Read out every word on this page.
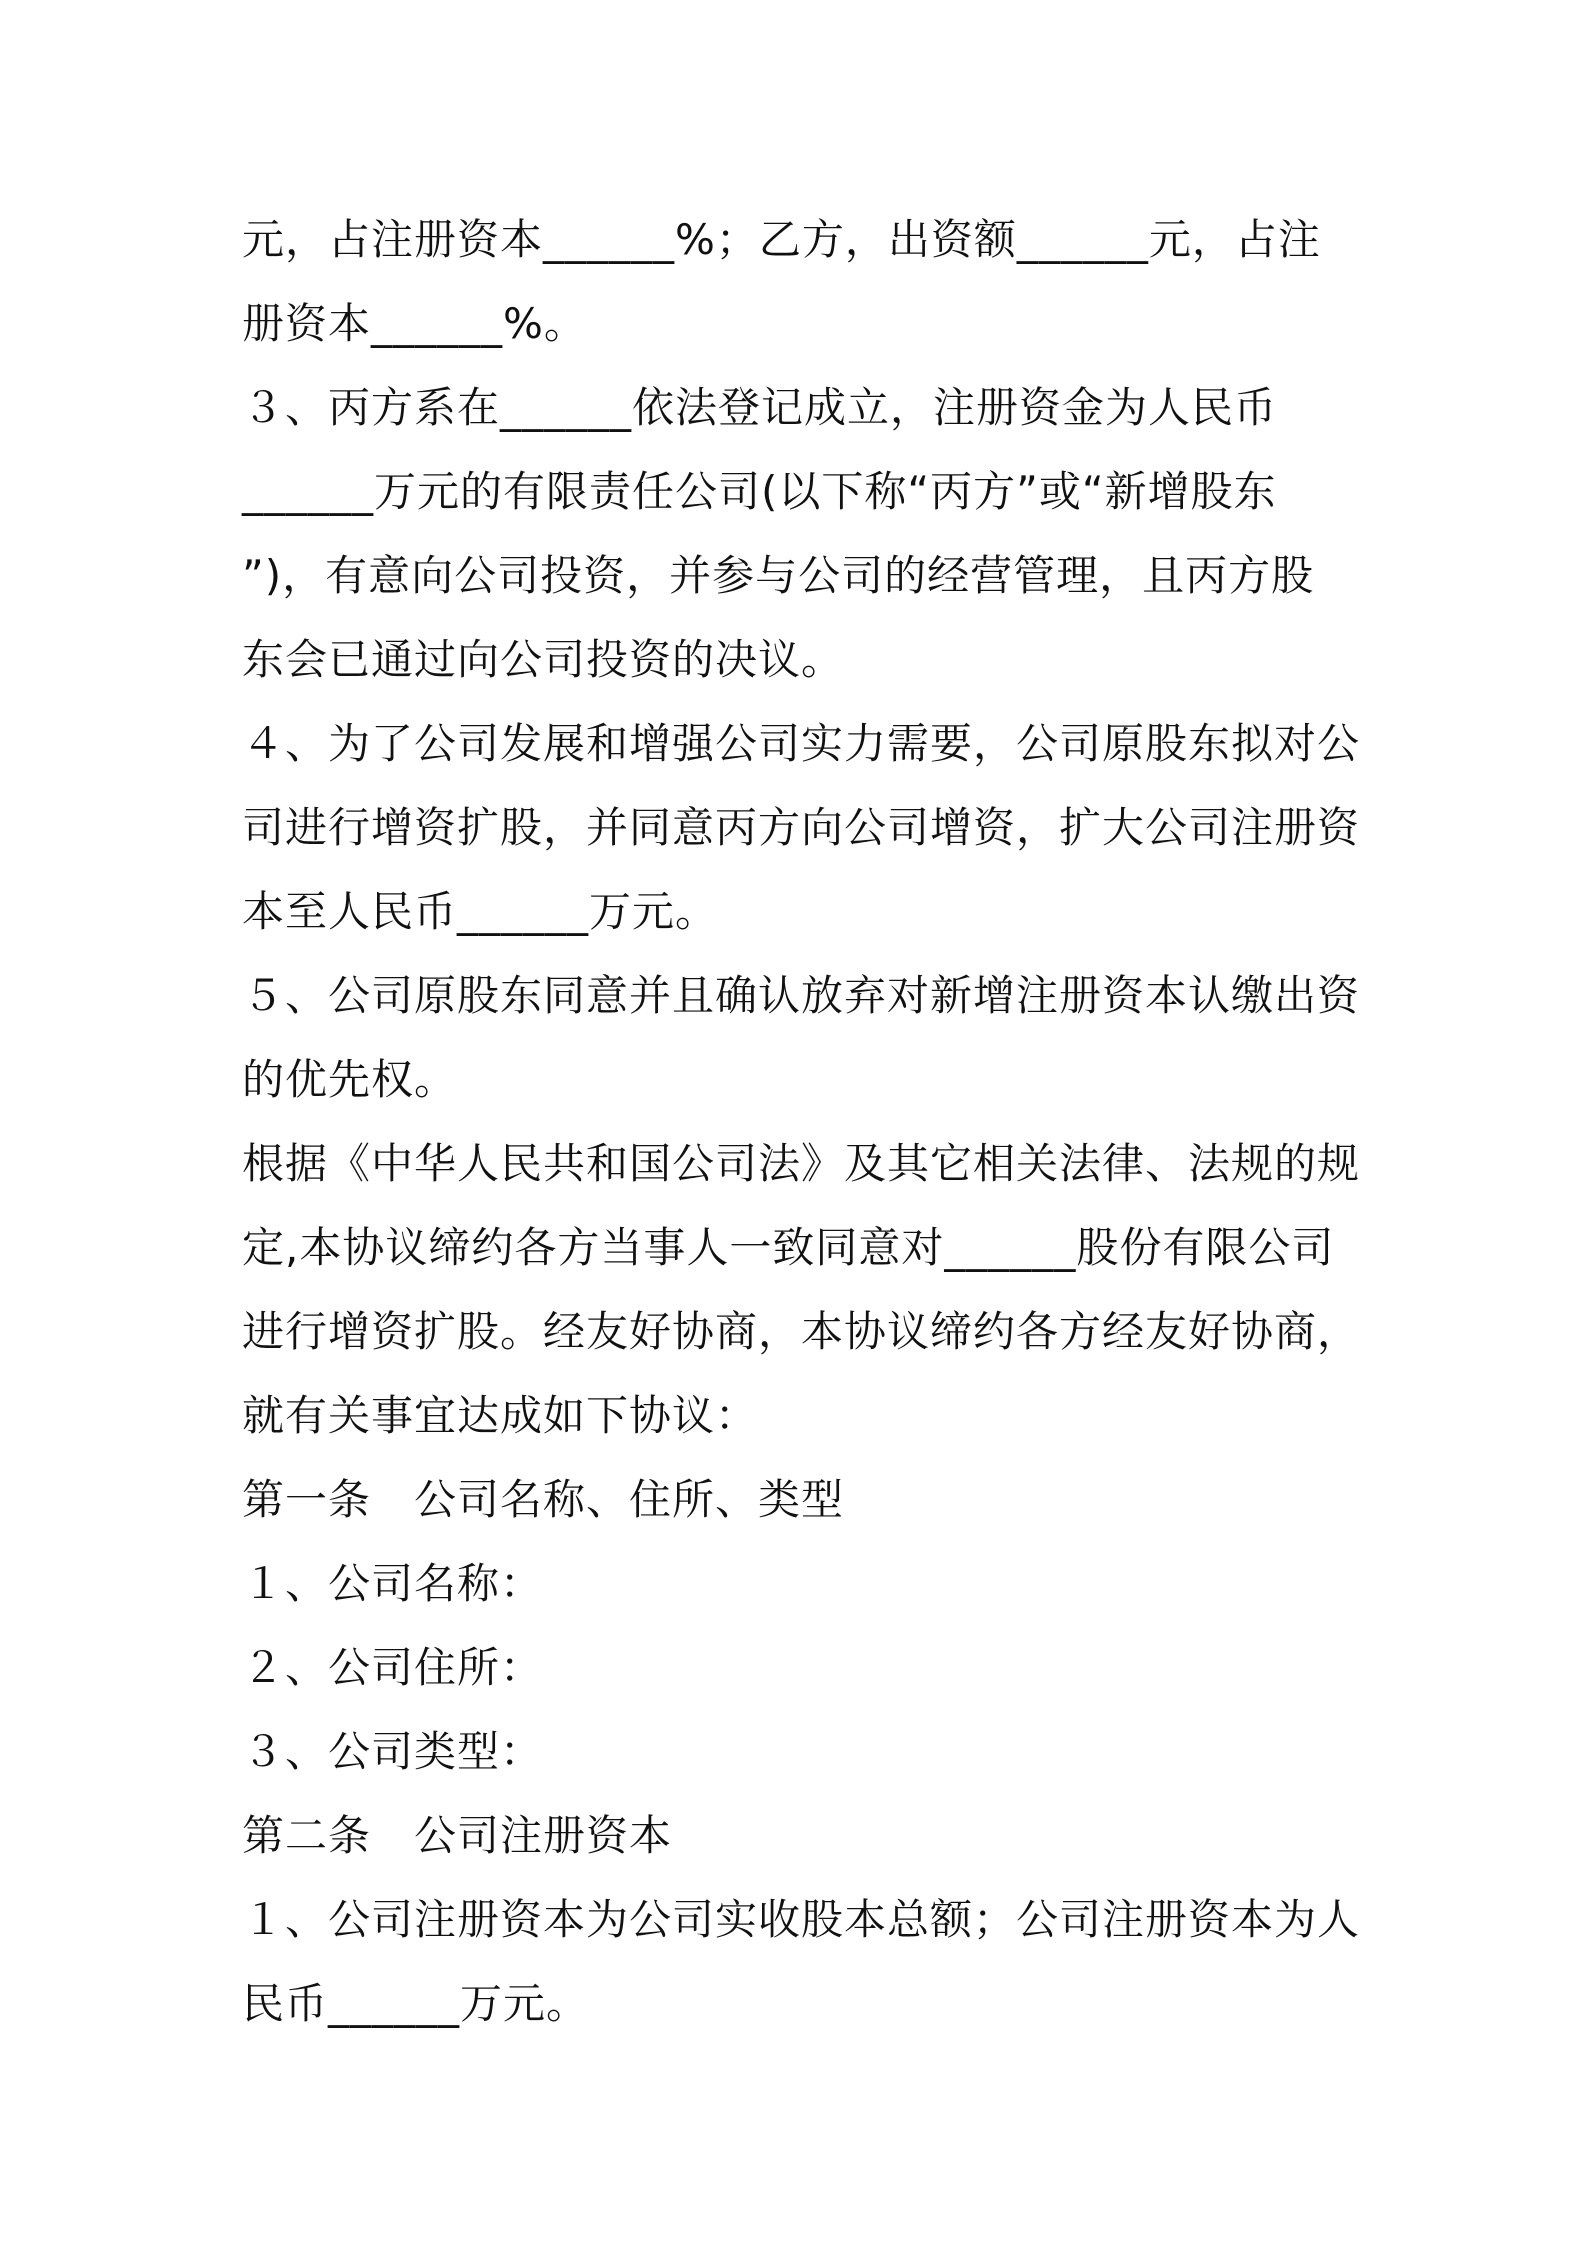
元，占注册资本______%；乙方，出资额______元，占注
册资本______%。
３、丙方系在______依法登记成立，注册资金为人民币
______万元的有限责任公司(以下称“丙方”或“新增股东
”)，有意向公司投资，并参与公司的经营管理，且丙方股
东会已通过向公司投资的决议。
４、为了公司发展和增强公司实力需要，公司原股东拟对公
司进行增资扩股，并同意丙方向公司增资，扩大公司注册资
本至人民币______万元。
５、公司原股东同意并且确认放弃对新增注册资本认缴出资
的优先权。
根据《中华人民共和国公司法》及其它相关法律、法规的规
定,本协议缔约各方当事人一致同意对______股份有限公司
进行增资扩股。经友好协商，本协议缔约各方经友好协商，
就有关事宜达成如下协议：
第一条　公司名称、住所、类型
１、公司名称：
２、公司住所：
３、公司类型：
第二条　公司注册资本
１、公司注册资本为公司实收股本总额；公司注册资本为人
民币______万元。
